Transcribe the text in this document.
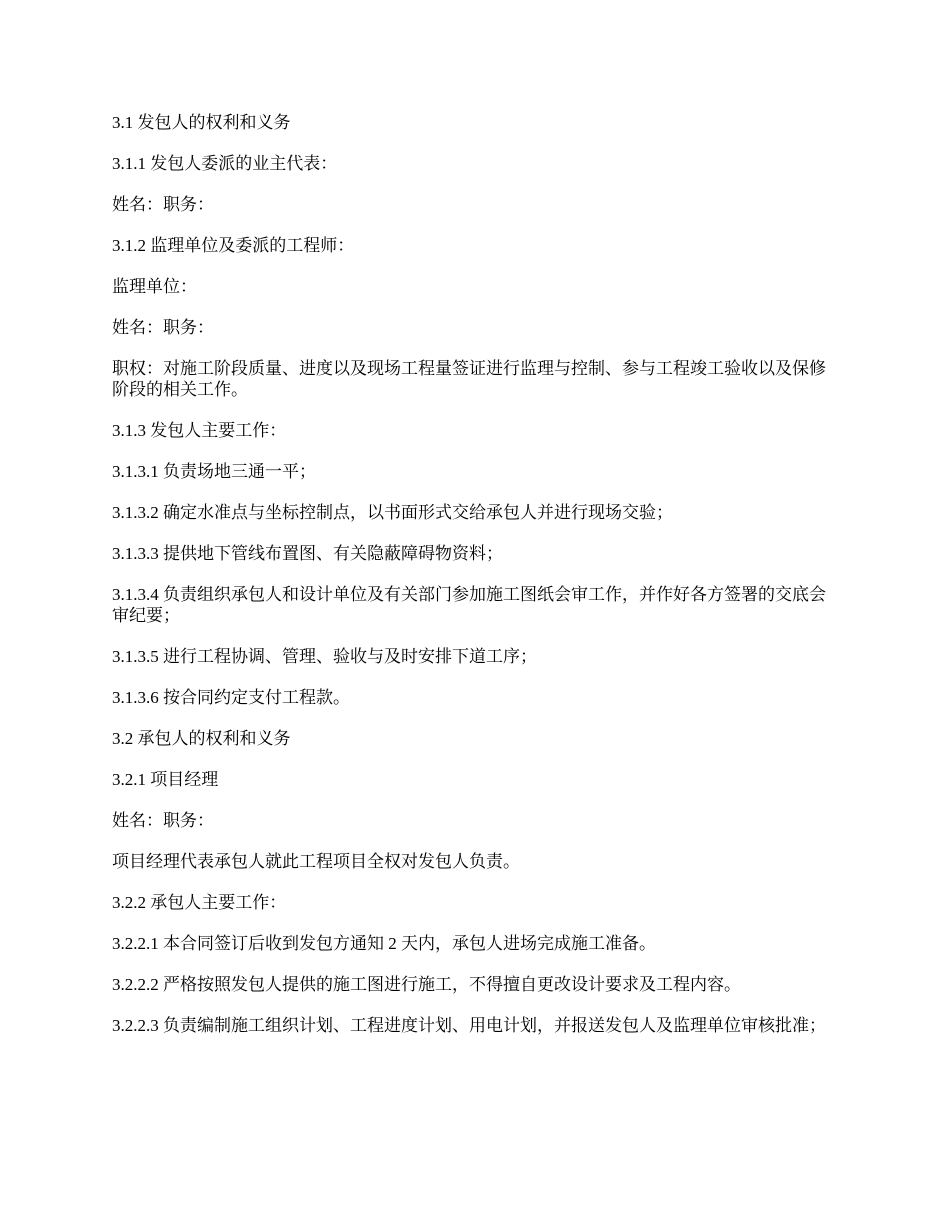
3.1 发包人的权利和义务

3.1.1 发包人委派的业主代表：

姓名：职务：

3.1.2 监理单位及委派的工程师：

监理单位：

姓名：职务：

职权：对施工阶段质量、进度以及现场工程量签证进行监理与控制、参与工程竣工验收以及保修阶段的相关工作。

3.1.3 发包人主要工作：

3.1.3.1 负责场地三通一平；

3.1.3.2 确定水准点与坐标控制点，以书面形式交给承包人并进行现场交验；

3.1.3.3 提供地下管线布置图、有关隐蔽障碍物资料；

3.1.3.4 负责组织承包人和设计单位及有关部门参加施工图纸会审工作，并作好各方签署的交底会审纪要；

3.1.3.5 进行工程协调、管理、验收与及时安排下道工序；

3.1.3.6 按合同约定支付工程款。

3.2 承包人的权利和义务

3.2.1 项目经理

姓名：职务：

项目经理代表承包人就此工程项目全权对发包人负责。

3.2.2 承包人主要工作：

3.2.2.1 本合同签订后收到发包方通知 2 天内，承包人进场完成施工准备。

3.2.2.2 严格按照发包人提供的施工图进行施工，不得擅自更改设计要求及工程内容。

3.2.2.3 负责编制施工组织计划、工程进度计划、用电计划，并报送发包人及监理单位审核批准；
